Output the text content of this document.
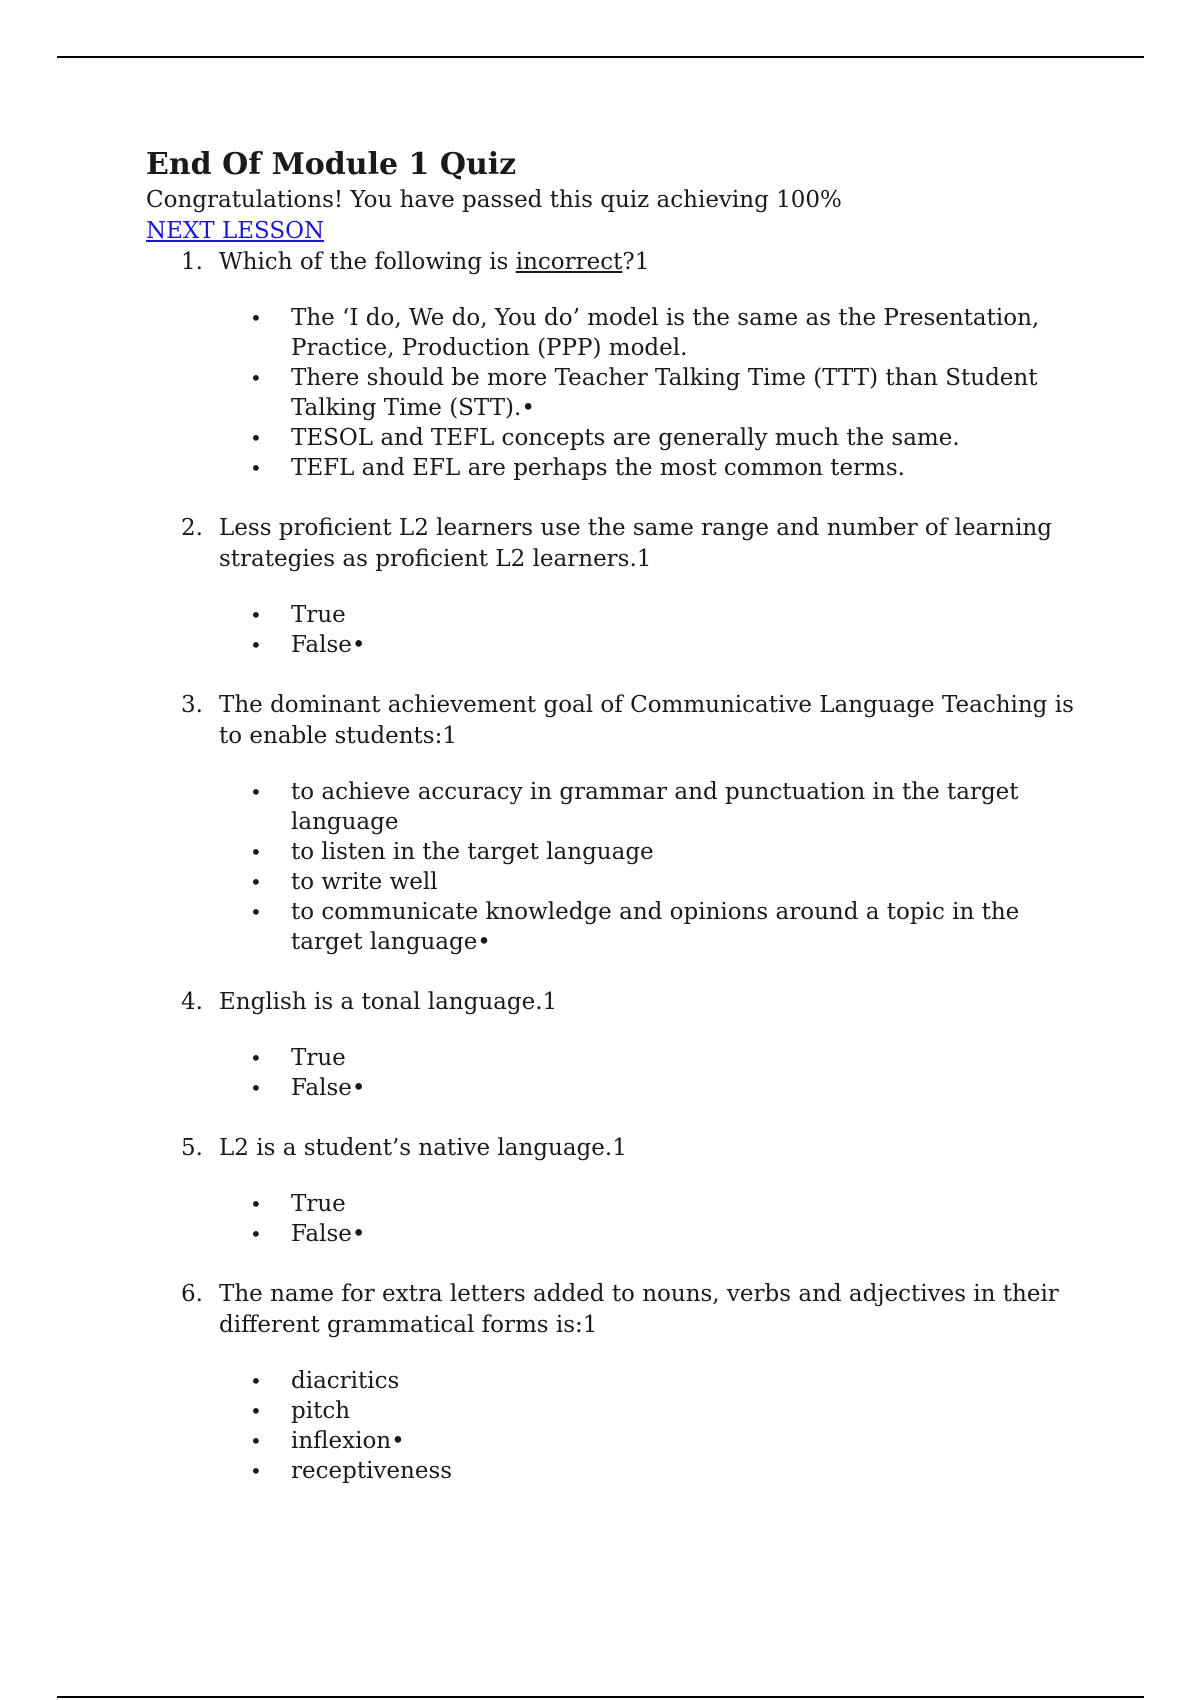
End Of Module 1 Quiz

Congratulations! You have passed this quiz achieving 100%

NEXT LESSON

1. Which of the following is incorrect?1

• The ‘I do, We do, You do’ model is the same as the Presentation, Practice, Production (PPP) model.
• There should be more Teacher Talking Time (TTT) than Student Talking Time (STT).•
• TESOL and TEFL concepts are generally much the same.
• TEFL and EFL are perhaps the most common terms.
2. Less proficient L2 learners use the same range and number of learning strategies as proficient L2 learners.1

• True
• False•
3. The dominant achievement goal of Communicative Language Teaching is to enable students:1

• to achieve accuracy in grammar and punctuation in the target language
• to listen in the target language
• to write well
• to communicate knowledge and opinions around a topic in the target language•
4. English is a tonal language.1

• True
• False•
5. L2 is a student’s native language.1

• True
• False•
6. The name for extra letters added to nouns, verbs and adjectives in their different grammatical forms is:1

• diacritics
• pitch
• inflexion•
• receptiveness
